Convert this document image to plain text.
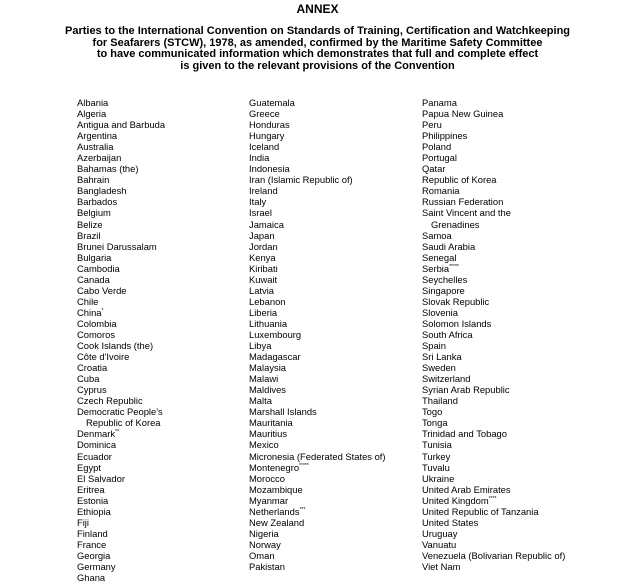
ANNEX
Parties to the International Convention on Standards of Training, Certification and Watchkeeping
for Seafarers (STCW), 1978, as amended, confirmed by the Maritime Safety Committee
to have communicated information which demonstrates that full and complete effect
is given to the relevant provisions of the Convention
Albania
Algeria
Antigua and Barbuda
Argentina
Australia
Azerbaijan
Bahamas (the)
Bahrain
Bangladesh
Barbados
Belgium
Belize
Brazil
Brunei Darussalam
Bulgaria
Cambodia
Canada
Cabo Verde
Chile
China*
Colombia
Comoros
Cook Islands (the)
Côte d'Ivoire
Croatia
Cuba
Cyprus
Czech Republic
Democratic People's
Republic of Korea
Denmark**
Dominica
Ecuador
Egypt
El Salvador
Eritrea
Estonia
Ethiopia
Fiji
Finland
France
Georgia
Germany
Ghana
Guatemala
Greece
Honduras
Hungary
Iceland
India
Indonesia
Iran (Islamic Republic of)
Ireland
Italy
Israel
Jamaica
Japan
Jordan
Kenya
Kiribati
Kuwait
Latvia
Lebanon
Liberia
Lithuania
Luxembourg
Libya
Madagascar
Malaysia
Malawi
Maldives
Malta
Marshall Islands
Mauritania
Mauritius
Mexico
Micronesia (Federated States of)
Montenegro*****
Morocco
Mozambique
Myanmar
Netherlands***
New Zealand
Nigeria
Norway
Oman
Pakistan
Panama
Papua New Guinea
Peru
Philippines
Poland
Portugal
Qatar
Republic of Korea
Romania
Russian Federation
Saint Vincent and the
Grenadines
Samoa
Saudi Arabia
Senegal
Serbia*****
Seychelles
Singapore
Slovak Republic
Slovenia
Solomon Islands
South Africa
Spain
Sri Lanka
Sweden
Switzerland
Syrian Arab Republic
Thailand
Togo
Tonga
Trinidad and Tobago
Tunisia
Turkey
Tuvalu
Ukraine
United Arab Emirates
United Kingdom****
United Republic of Tanzania
United States
Uruguay
Vanuatu
Venezuela (Bolivarian Republic of)
Viet Nam
